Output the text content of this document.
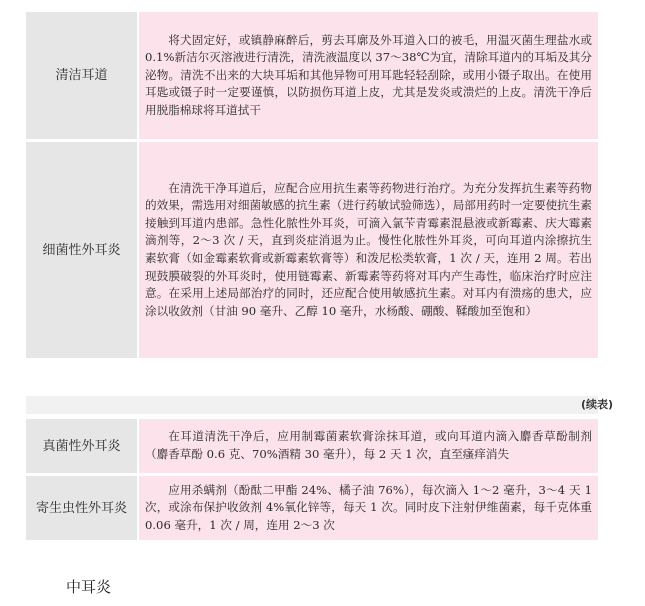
清洁耳道	将犬固定好，或镇静麻醉后，剪去耳廓及外耳道入口的被毛，用温灭菌生理盐水或 0.1%新洁尔灭溶液进行清洗，清洗液温度以 37～38℃为宜，清除耳道内的耳垢及其分泌物。清洗不出来的大块耳垢和其他异物可用耳匙轻轻刮除，或用小镊子取出。在使用耳匙或镊子时一定要谨慎，以防损伤耳道上皮，尤其是发炎或溃烂的上皮。清洗干净后用脱脂棉球将耳道拭干
细菌性外耳炎	在清洗干净耳道后，应配合应用抗生素等药物进行治疗。为充分发挥抗生素等药物的效果，需选用对细菌敏感的抗生素（进行药敏试验筛选），局部用药时一定要使抗生素接触到耳道内患部。急性化脓性外耳炎，可滴入氯苄青霉素混悬液或新霉素、庆大霉素滴剂等，2～3 次 / 天，直到炎症消退为止。慢性化脓性外耳炎，可向耳道内涂擦抗生素软膏（如金霉素软膏或新霉素软膏等）和泼尼松类软膏，1 次 / 天，连用 2 周。若出现鼓膜破裂的外耳炎时，使用链霉素、新霉素等药将对耳内产生毒性，临床治疗时应注意。在采用上述局部治疗的同时，还应配合使用敏感抗生素。对耳内有溃疡的患犬，应涂以收敛剂（甘油 90 毫升、乙醇 10 毫升，水杨酸、硼酸、鞣酸加至饱和）
(续表)
真菌性外耳炎	在耳道清洗干净后，应用制霉菌素软膏涂抹耳道，或向耳道内滴入麝香草酚制剂（麝香草酚 0.6 克、70%酒精 30 毫升），每 2 天 1 次，直至瘙痒消失
寄生虫性外耳炎	应用杀螨剂（酚酞二甲酯 24%、橘子油 76%），每次滴入 1～2 毫升，3～4 天 1 次，或涂布保护收敛剂 4%氧化锌等，每天 1 次。同时皮下注射伊维菌素，每千克体重 0.06 毫升，1 次 / 周，连用 2～3 次
中耳炎
